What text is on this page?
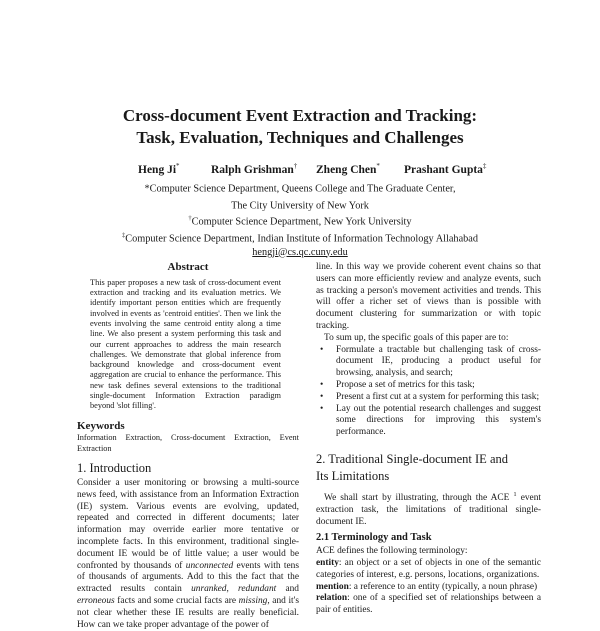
Cross-document Event Extraction and Tracking:
Task, Evaluation, Techniques and Challenges
Heng Ji*	Ralph Grishman† Zheng Chen* Prashant Gupta‡
*Computer Science Department, Queens College and The Graduate Center,
The City University of New York
†Computer Science Department, New York University
‡Computer Science Department, Indian Institute of Information Technology Allahabad
hengji@cs.qc.cuny.edu
Abstract

This paper proposes a new task of cross-document event extraction and tracking and its evaluation metrics. We identify important person entities which are frequently involved in events as 'centroid entities'. Then we link the events involving the same centroid entity along a time line. We also present a system performing this task and our current approaches to address the main research challenges. We demonstrate that global inference from background knowledge and cross-document event aggregation are crucial to enhance the performance. This new task defines several extensions to the traditional single-document Information Extraction paradigm beyond 'slot filling'.

Keywords

Information Extraction, Cross-document Extraction, Event Extraction

1. Introduction

Consider a user monitoring or browsing a multi-source news feed, with assistance from an Information Extraction (IE) system. Various events are evolving, updated, repeated and corrected in different documents; later information may override earlier more tentative or incomplete facts. In this environment, traditional single-document IE would be of little value; a user would be confronted by thousands of unconnected events with tens of thousands of arguments. Add to this the fact that the extracted results contain unranked, redundant and erroneous facts and some crucial facts are missing, and it's not clear whether these IE results are really beneficial. How can we take proper advantage of the power of

line. In this way we provide coherent event chains so that users can more efficiently review and analyze events, such as tracking a person's movement activities and trends. This will offer a richer set of views than is possible with document clustering for summarization or with topic tracking.

To sum up, the specific goals of this paper are to:

• Formulate a tractable but challenging task of cross-document IE, producing a product useful for browsing, analysis, and search;
• Propose a set of metrics for this task;
• Present a first cut at a system for performing this task;
• Lay out the potential research challenges and suggest some directions for improving this system's performance.
2. Traditional Single-document IE and
Its Limitations

We shall start by illustrating, through the ACE $^1$ event extraction task, the limitations of traditional single-document IE.

2.1 Terminology and Task

ACE defines the following terminology:

entity: an object or a set of objects in one of the semantic categories of interest, e.g. persons, locations, organizations.

mention: a reference to an entity (typically, a noun phrase)

relation: one of a specified set of relationships between a pair of entities.
